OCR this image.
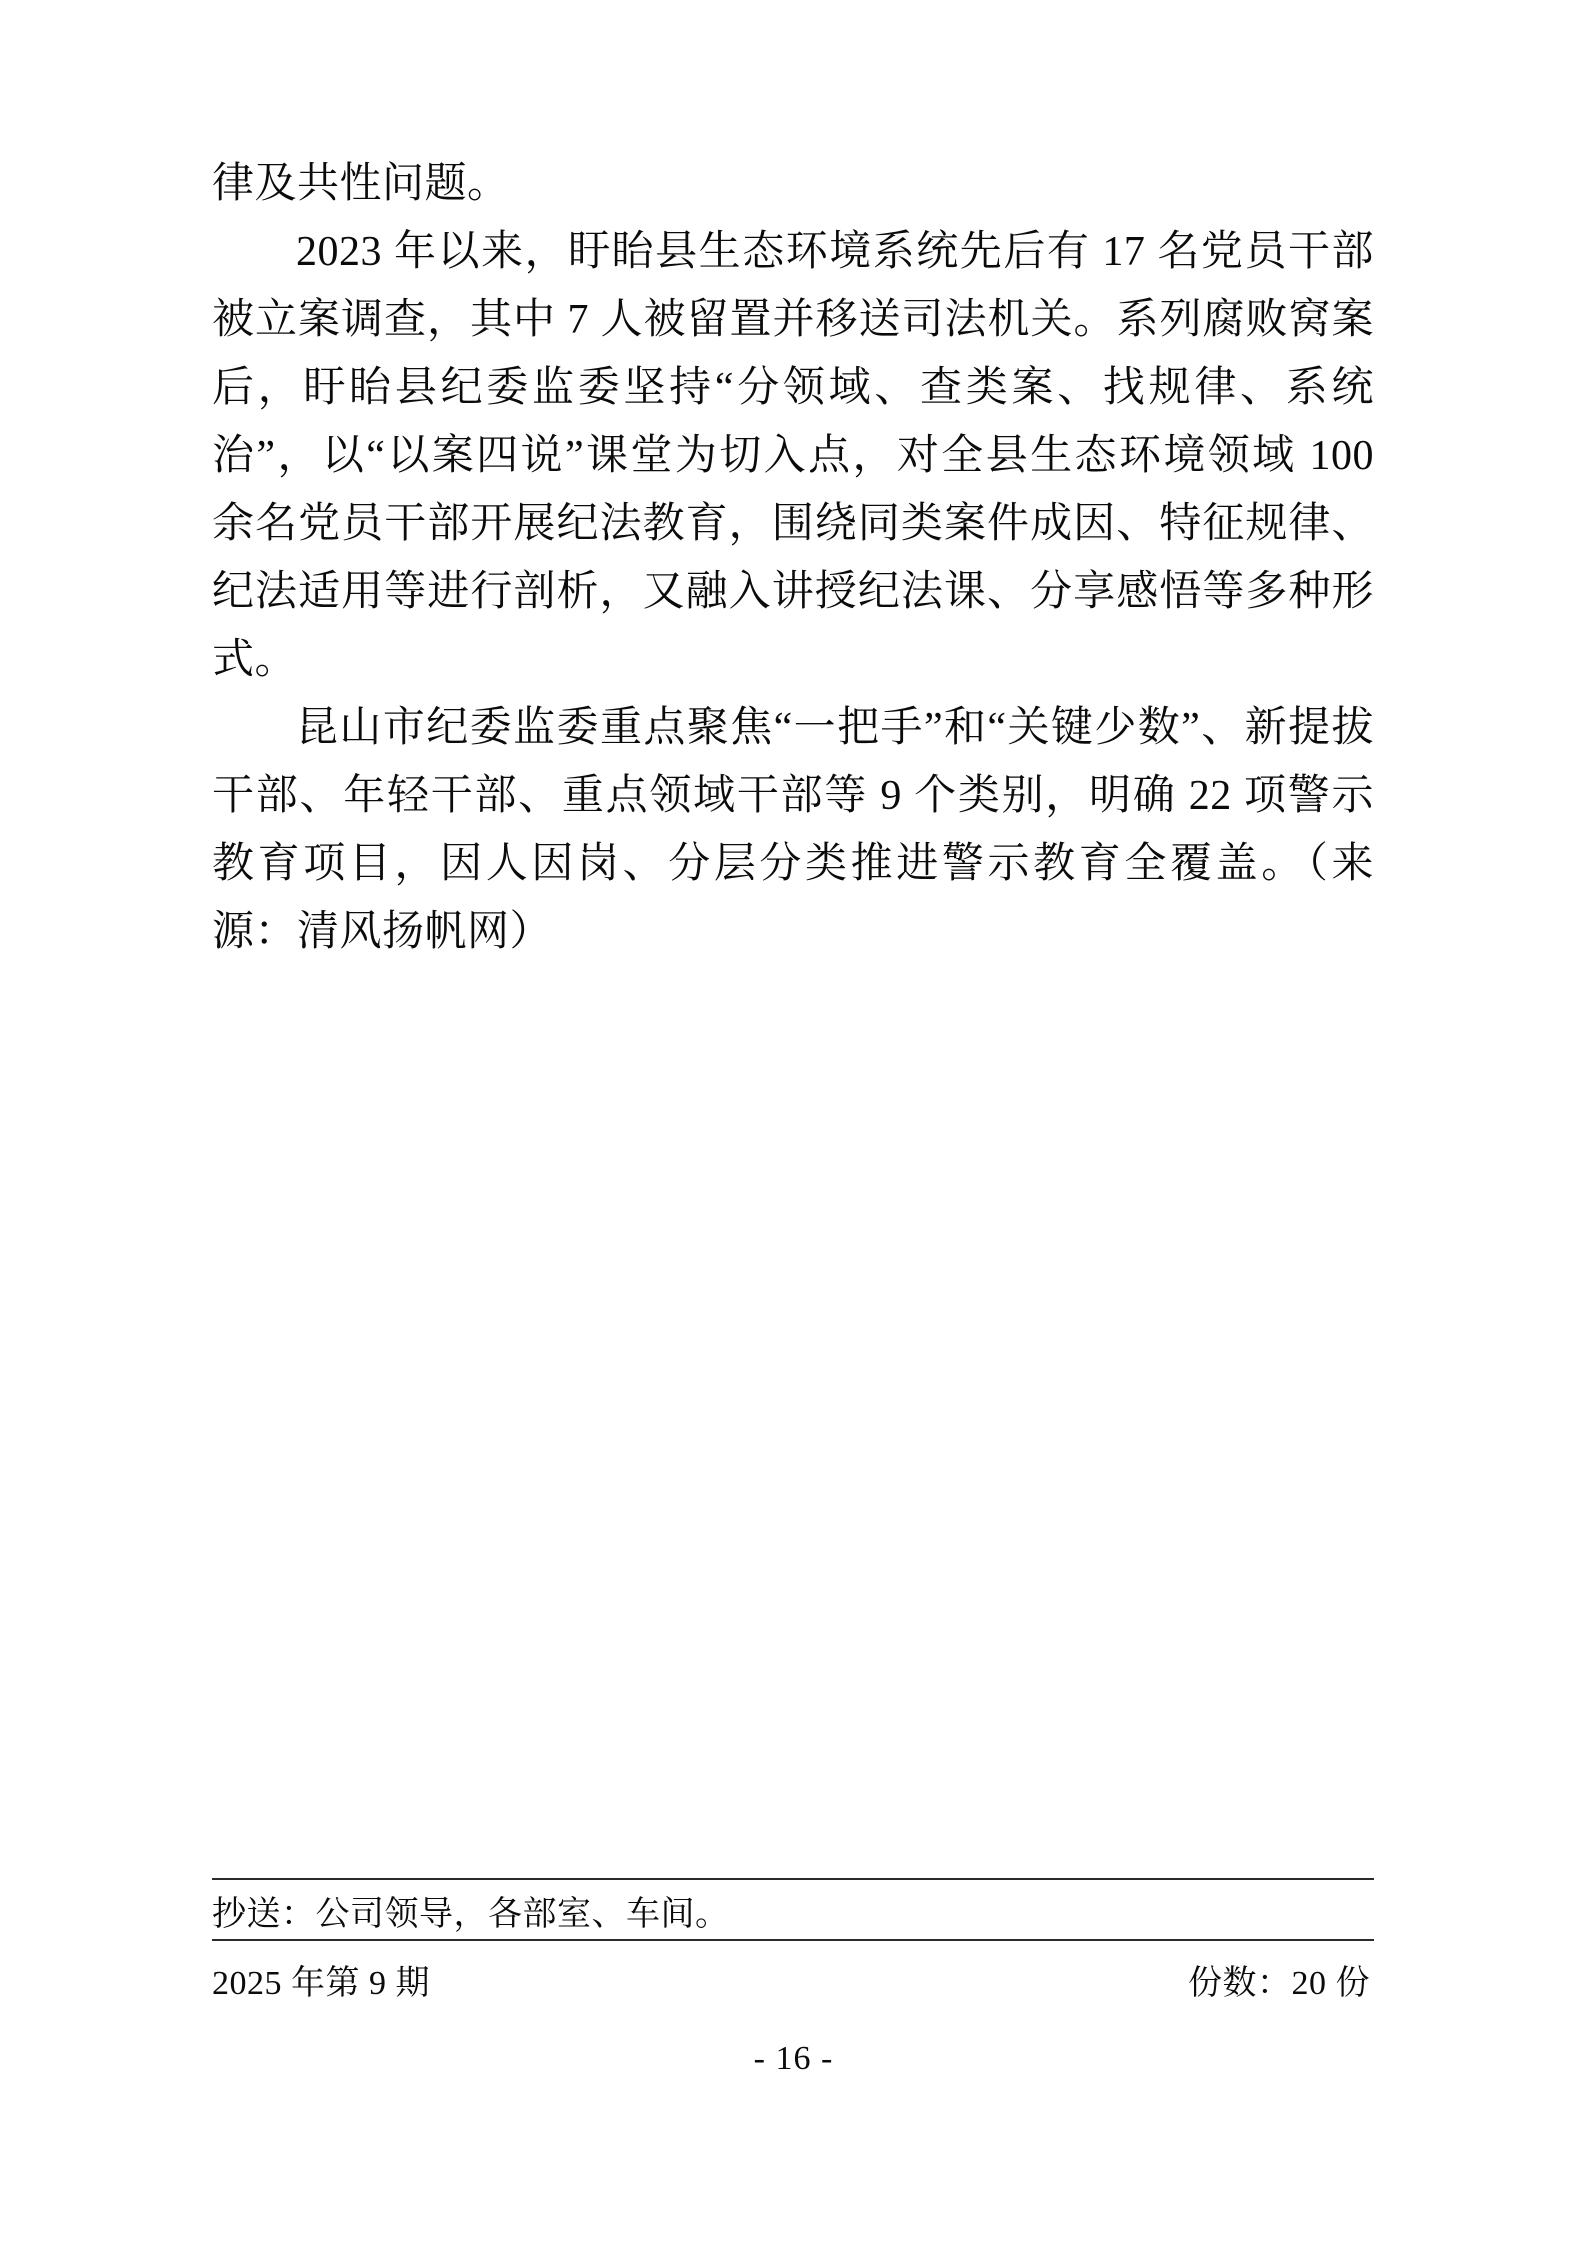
律及共性问题。

2023 年以来，盱眙县生态环境系统先后有 17 名党员干部被立案调查，其中 7 人被留置并移送司法机关。系列腐败窝案后，盱眙县纪委监委坚持“分领域、查类案、找规律、系统治”，以“以案四说”课堂为切入点，对全县生态环境领域 100 余名党员干部开展纪法教育，围绕同类案件成因、特征规律、纪法适用等进行剖析，又融入讲授纪法课、分享感悟等多种形式。

昆山市纪委监委重点聚焦“一把手”和“关键少数”、新提拔干部、年轻干部、重点领域干部等 9 个类别，明确 22 项警示教育项目，因人因岗、分层分类推进警示教育全覆盖。（来源：清风扬帆网）

抄送：公司领导，各部室、车间。
2025 年第 9 期	份数：20 份
- 16 -
